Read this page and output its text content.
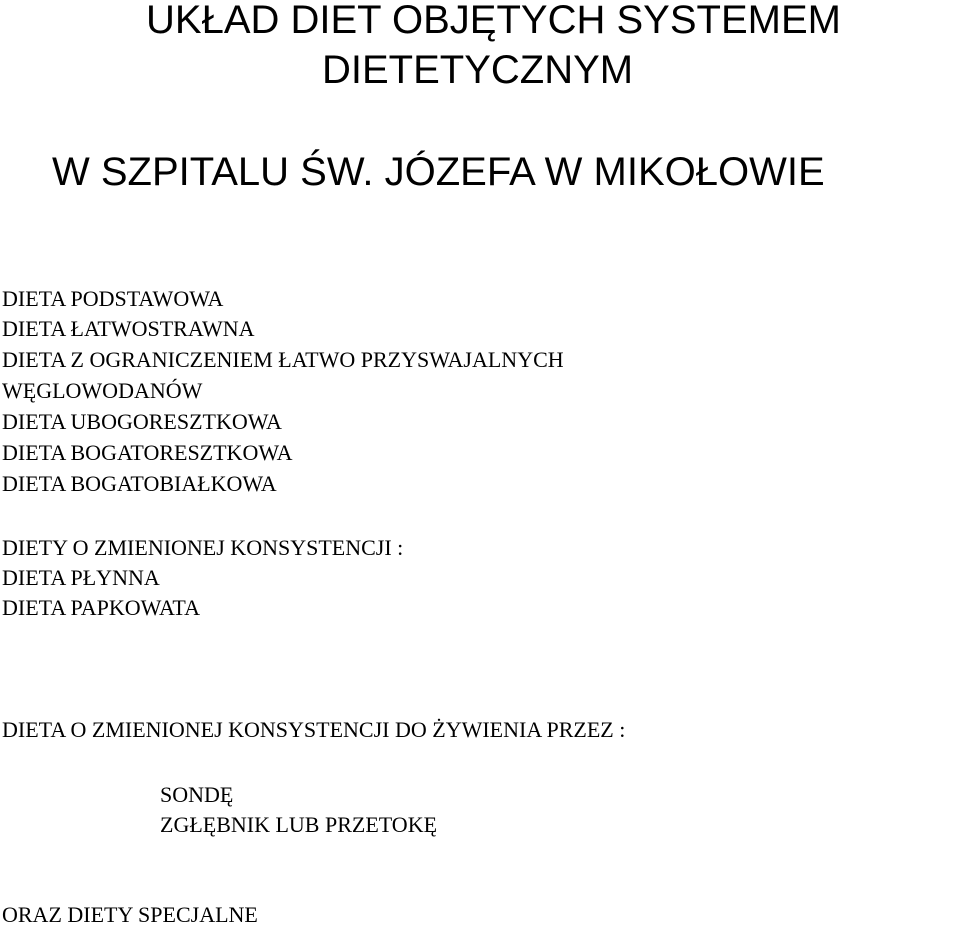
UKŁAD DIET OBJĘTYCH SYSTEMEM
DIETETYCZNYM
W SZPITALU ŚW. JÓZEFA W MIKOŁOWIE

DIETA PODSTAWOWA

DIETA ŁATWOSTRAWNA

DIETA Z OGRANICZENIEM ŁATWO PRZYSWAJALNYCH

WĘGLOWODANÓW

DIETA UBOGORESZTKOWA

DIETA BOGATORESZTKOWA

DIETA BOGATOBIAŁKOWA

DIETY O ZMIENIONEJ KONSYSTENCJI :

DIETA PŁYNNA

DIETA PAPKOWATA

DIETA O ZMIENIONEJ KONSYSTENCJI DO ŻYWIENIA PRZEZ :

SONDĘ

ZGŁĘBNIK LUB PRZETOKĘ

ORAZ DIETY SPECJALNE
